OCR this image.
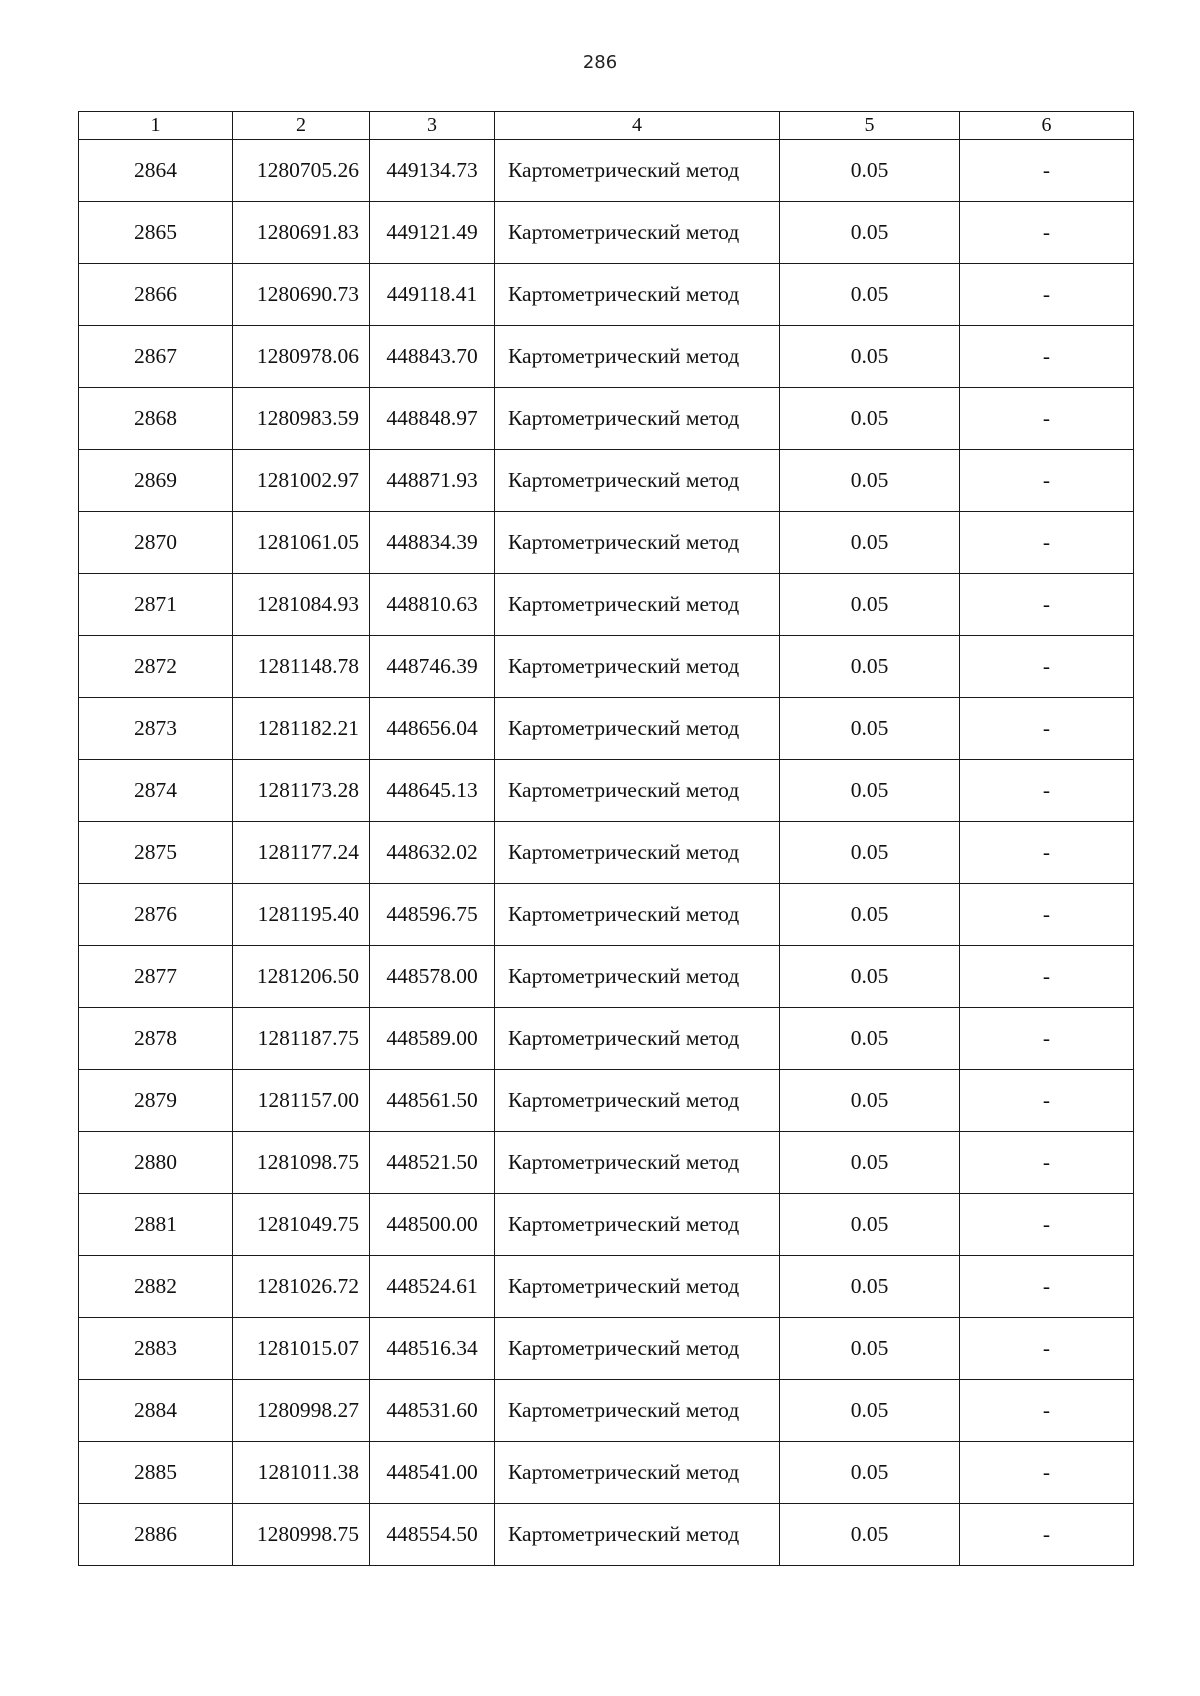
286
1	2	3	4	5	6
2864	1280705.26	449134.73	Картометрический метод	0.05	-
2865	1280691.83	449121.49	Картометрический метод	0.05	-
2866	1280690.73	449118.41	Картометрический метод	0.05	-
2867	1280978.06	448843.70	Картометрический метод	0.05	-
2868	1280983.59	448848.97	Картометрический метод	0.05	-
2869	1281002.97	448871.93	Картометрический метод	0.05	-
2870	1281061.05	448834.39	Картометрический метод	0.05	-
2871	1281084.93	448810.63	Картометрический метод	0.05	-
2872	1281148.78	448746.39	Картометрический метод	0.05	-
2873	1281182.21	448656.04	Картометрический метод	0.05	-
2874	1281173.28	448645.13	Картометрический метод	0.05	-
2875	1281177.24	448632.02	Картометрический метод	0.05	-
2876	1281195.40	448596.75	Картометрический метод	0.05	-
2877	1281206.50	448578.00	Картометрический метод	0.05	-
2878	1281187.75	448589.00	Картометрический метод	0.05	-
2879	1281157.00	448561.50	Картометрический метод	0.05	-
2880	1281098.75	448521.50	Картометрический метод	0.05	-
2881	1281049.75	448500.00	Картометрический метод	0.05	-
2882	1281026.72	448524.61	Картометрический метод	0.05	-
2883	1281015.07	448516.34	Картометрический метод	0.05	-
2884	1280998.27	448531.60	Картометрический метод	0.05	-
2885	1281011.38	448541.00	Картометрический метод	0.05	-
2886	1280998.75	448554.50	Картометрический метод	0.05	-
